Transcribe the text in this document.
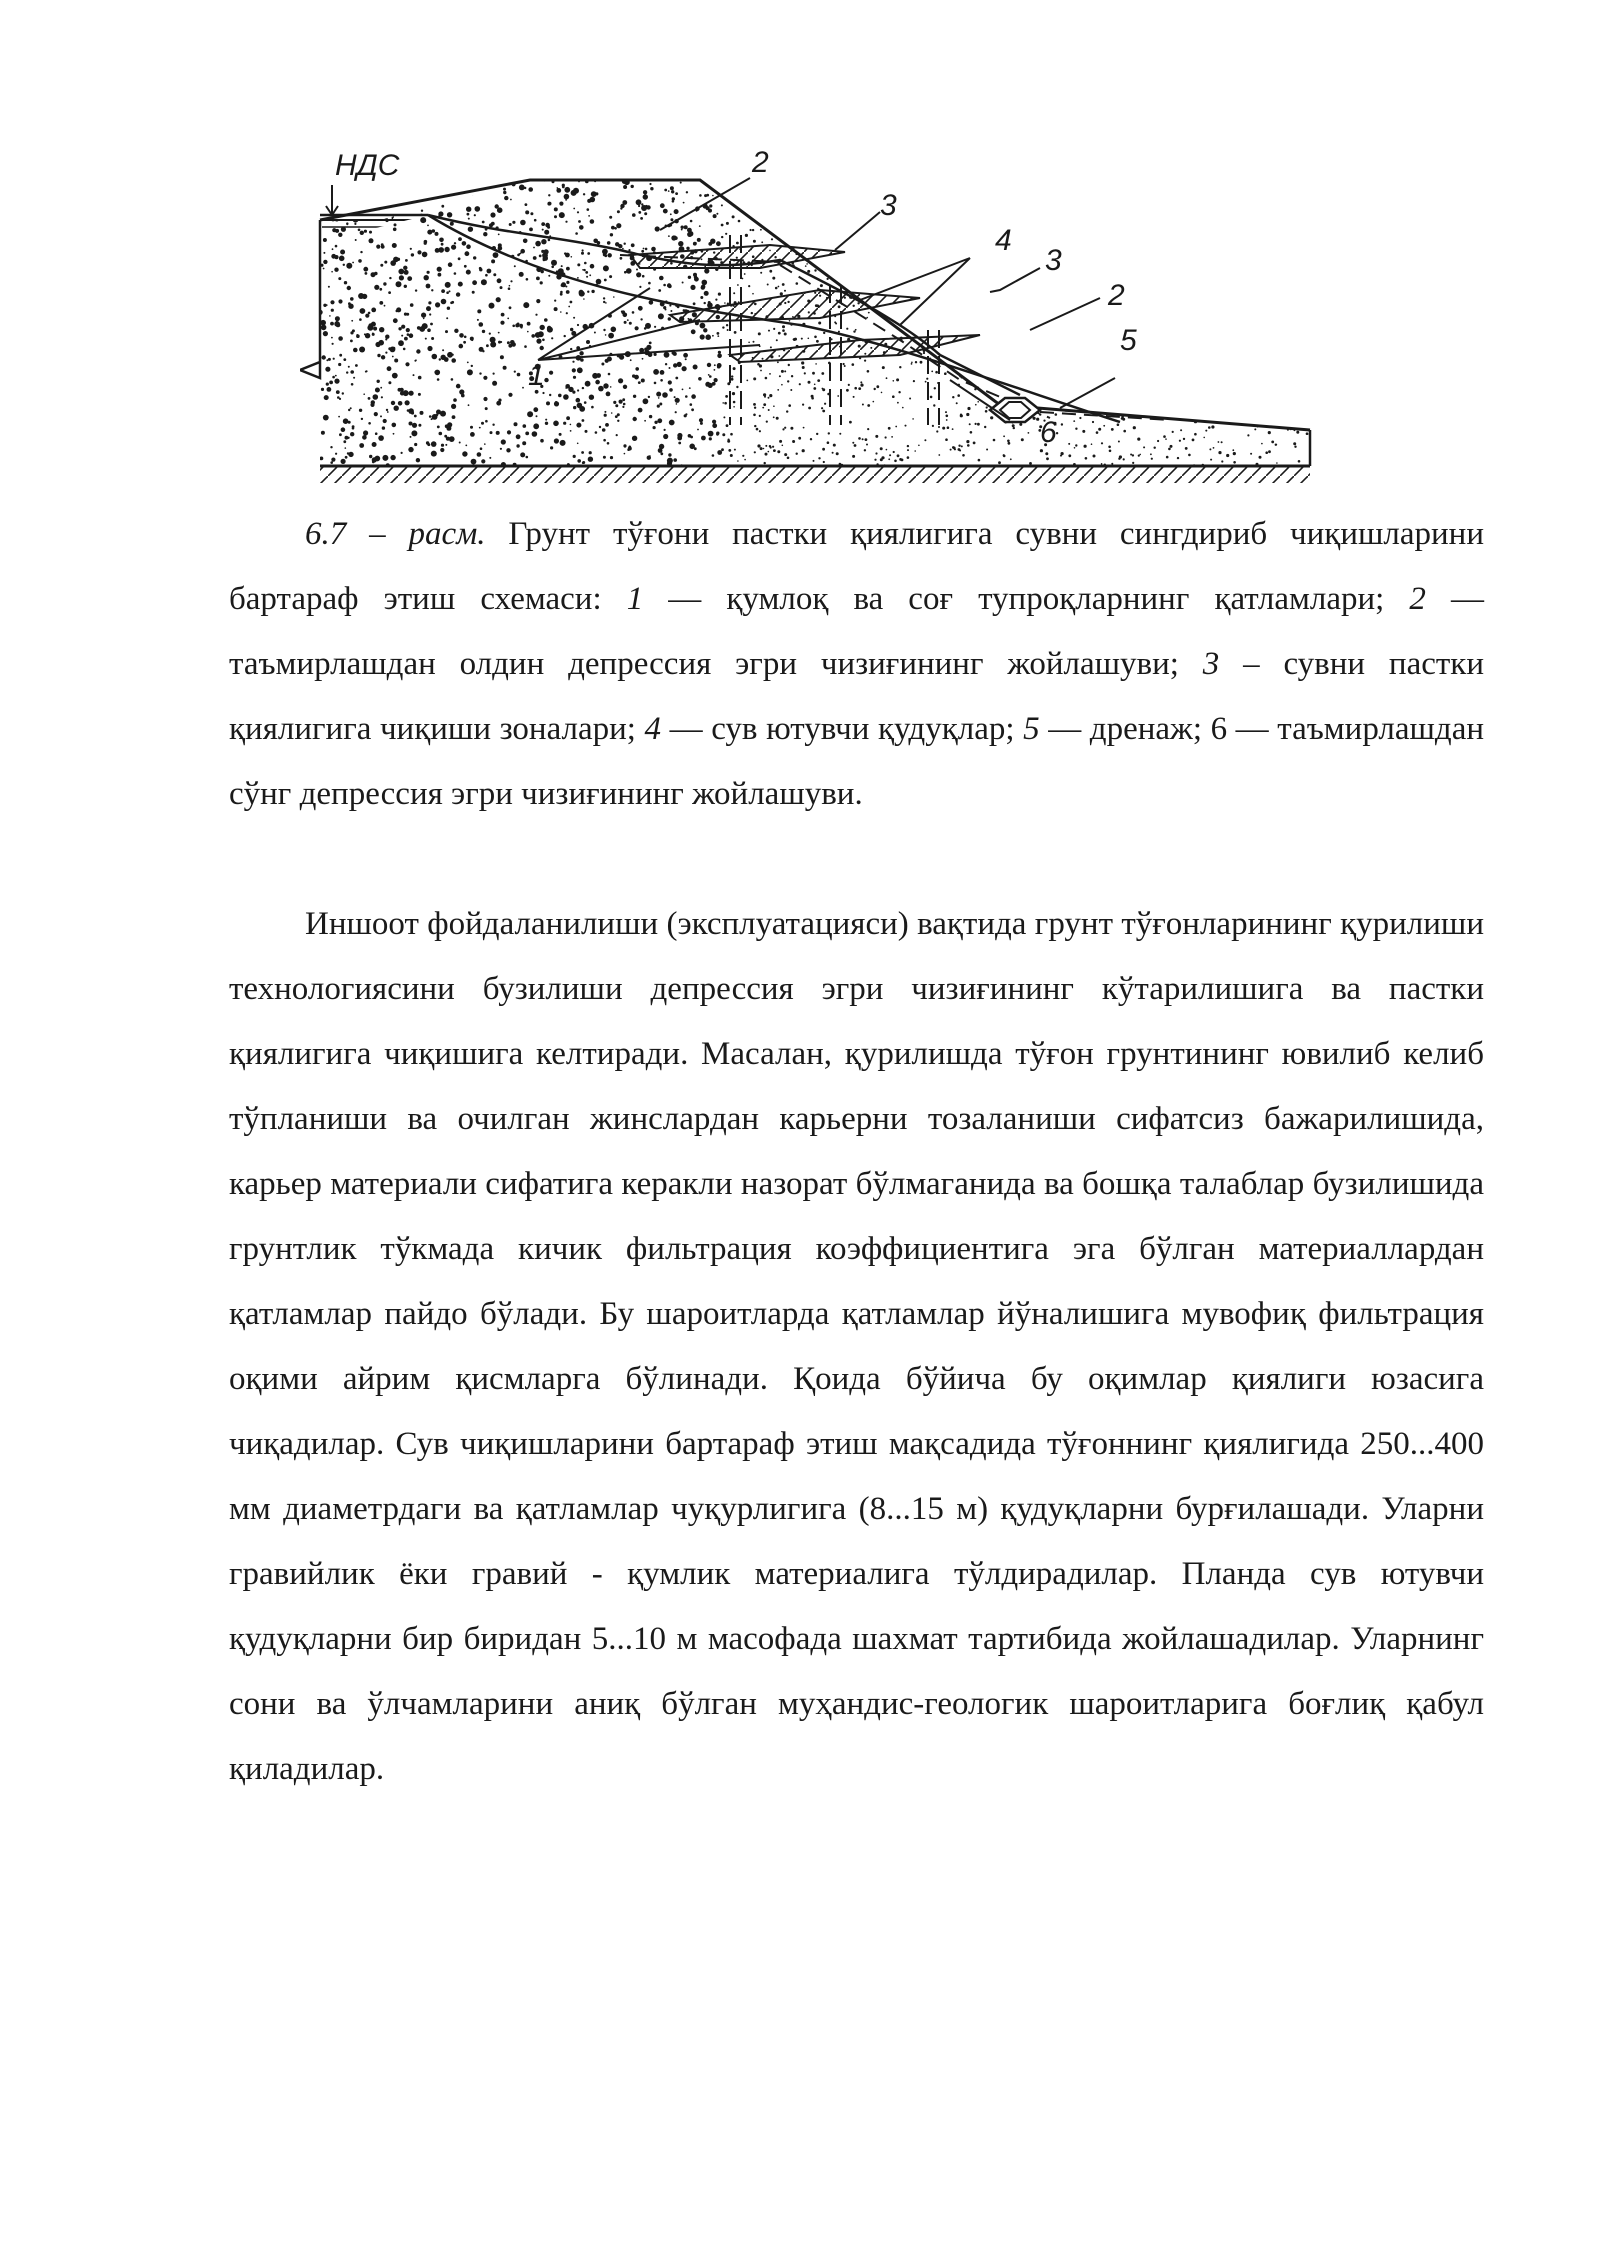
НДС
1
2
2
3
3
4
5
6

6.7 – расм. Грунт тўғони пастки қиялигига сувни сингдириб чиқишларини бартараф этиш схемаси: 1 — қумлоқ ва соғ тупроқларнинг қатламлари; 2 — таъмирлашдан олдин депрессия эгри чизиғининг жойлашуви; 3 – сувни пастки қиялигига чиқиши зоналари; 4 — сув ютувчи қудуқлар; 5 — дренаж; 6 — таъмирлашдан сўнг депрессия эгри чизиғининг жойлашуви.

Иншоот фойдаланилиши (эксплуатацияси) вақтида грунт тўғонларининг қурилиши технологиясини бузилиши депрессия эгри чизиғининг кўтарилишига ва пастки қиялигига чиқишига келтиради. Масалан, қурилишда тўғон грунтининг ювилиб келиб тўпланиши ва очилган жинслардан карьерни тозаланиши сифатсиз бажарилишида, карьер материали сифатига керакли назорат бўлмаганида ва бошқа талаблар бузилишида грунтлик тўкмада кичик фильтрация коэффициентига эга бўлган материаллардан қатламлар пайдо бўлади. Бу шароитларда қатламлар йўналишига мувофиқ фильтрация оқими айрим қисмларга бўлинади. Қоида бўйича бу оқимлар қиялиги юзасига чиқадилар. Сув чиқишларини бартараф этиш мақсадида тўғоннинг қиялигида 250...400 мм диаметрдаги ва қатламлар чуқурлигига (8...15 м) қудуқларни бурғилашади. Уларни гравийлик ёки гравий - қумлик материалига тўлдирадилар. Планда сув ютувчи қудуқларни бир биридан 5...10 м масофада шахмат тартибида жойлашадилар. Уларнинг сони ва ўлчамларини аниқ бўлган муҳандис-геологик шароитларига боғлиқ қабул қиладилар.
